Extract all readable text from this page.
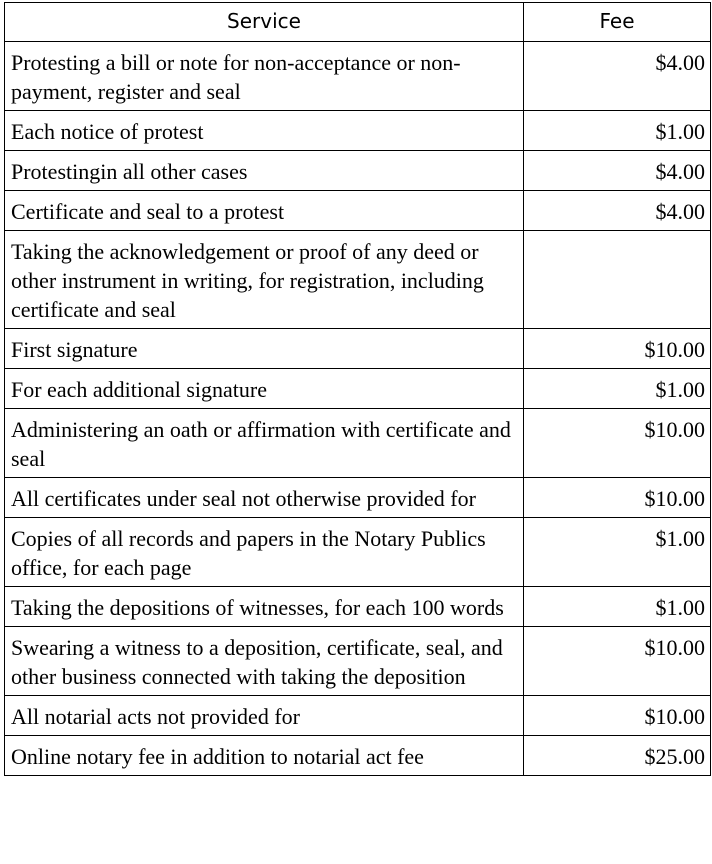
Service	Fee
Protesting a bill or note for non-acceptance or non-payment, register and seal	$4.00
Each notice of protest	$1.00
Protestingin all other cases	$4.00
Certificate and seal to a protest	$4.00
Taking the acknowledgement or proof of any deed or other instrument in writing, for registration, including certificate and seal	
First signature	$10.00
For each additional signature	$1.00
Administering an oath or affirmation with certificate and seal	$10.00
All certificates under seal not otherwise provided for	$10.00
Copies of all records and papers in the Notary Publics office, for each page	$1.00
Taking the depositions of witnesses, for each 100 words	$1.00
Swearing a witness to a deposition, certificate, seal, and other business connected with taking the deposition	$10.00
All notarial acts not provided for	$10.00
Online notary fee in addition to notarial act fee	$25.00
